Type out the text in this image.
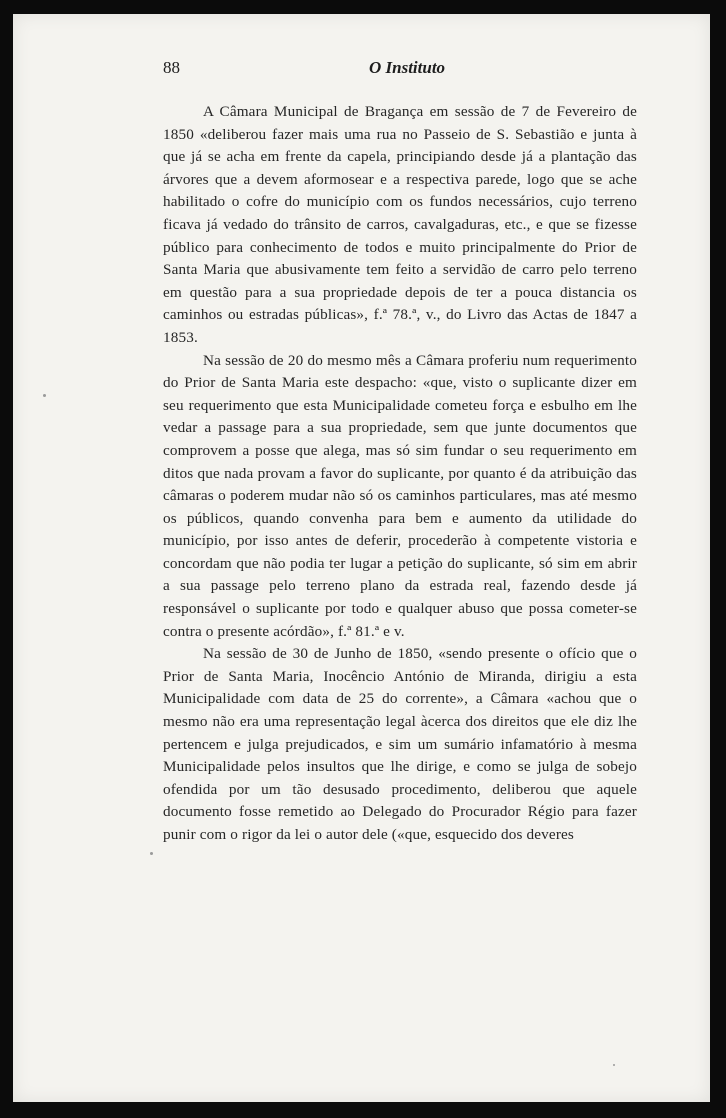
88	O Instituto

A Câmara Municipal de Bragança em sessão de 7 de Fevereiro de 1850 «deliberou fazer mais uma rua no Passeio de S. Sebastião e junta à que já se acha em frente da capela, principiando desde já a plantação das árvores que a devem aformosear e a respectiva parede, logo que se ache habilitado o cofre do município com os fundos necessários, cujo terreno ficava já vedado do trânsito de carros, cavalgaduras, etc., e que se fizesse público para conhecimento de todos e muito principalmente do Prior de Santa Maria que abusivamente tem feito a servidão de carro pelo terreno em questão para a sua propriedade depois de ter a pouca distancia os caminhos ou estradas públicas», f.ª 78.ª, v., do Livro das Actas de 1847 a 1853.

Na sessão de 20 do mesmo mês a Câmara proferiu num requerimento do Prior de Santa Maria este despacho: «que, visto o suplicante dizer em seu requerimento que esta Municipalidade cometeu força e esbulho em lhe vedar a passage para a sua propriedade, sem que junte documentos que comprovem a posse que alega, mas só sim fundar o seu requerimento em ditos que nada provam a favor do suplicante, por quanto é da atribuição das câmaras o poderem mudar não só os caminhos particulares, mas até mesmo os públicos, quando convenha para bem e aumento da utilidade do município, por isso antes de deferir, procederão à competente vistoria e concordam que não podia ter lugar a petição do suplicante, só sim em abrir a sua passage pelo terreno plano da estrada real, fazendo desde já responsável o suplicante por todo e qualquer abuso que possa cometer-se contra o presente acórdão», f.ª 81.ª e v.

Na sessão de 30 de Junho de 1850, «sendo presente o ofício que o Prior de Santa Maria, Inocêncio António de Miranda, dirigiu a esta Municipalidade com data de 25 do corrente», a Câmara «achou que o mesmo não era uma representação legal àcerca dos direitos que ele diz lhe pertencem e julga prejudicados, e sim um sumário infamatório à mesma Municipalidade pelos insultos que lhe dirige, e como se julga de sobejo ofendida por um tão desusado procedimento, deliberou que aquele documento fosse remetido ao Delegado do Procurador Régio para fazer punir com o rigor da lei o autor dele («que, esquecido dos deveres
